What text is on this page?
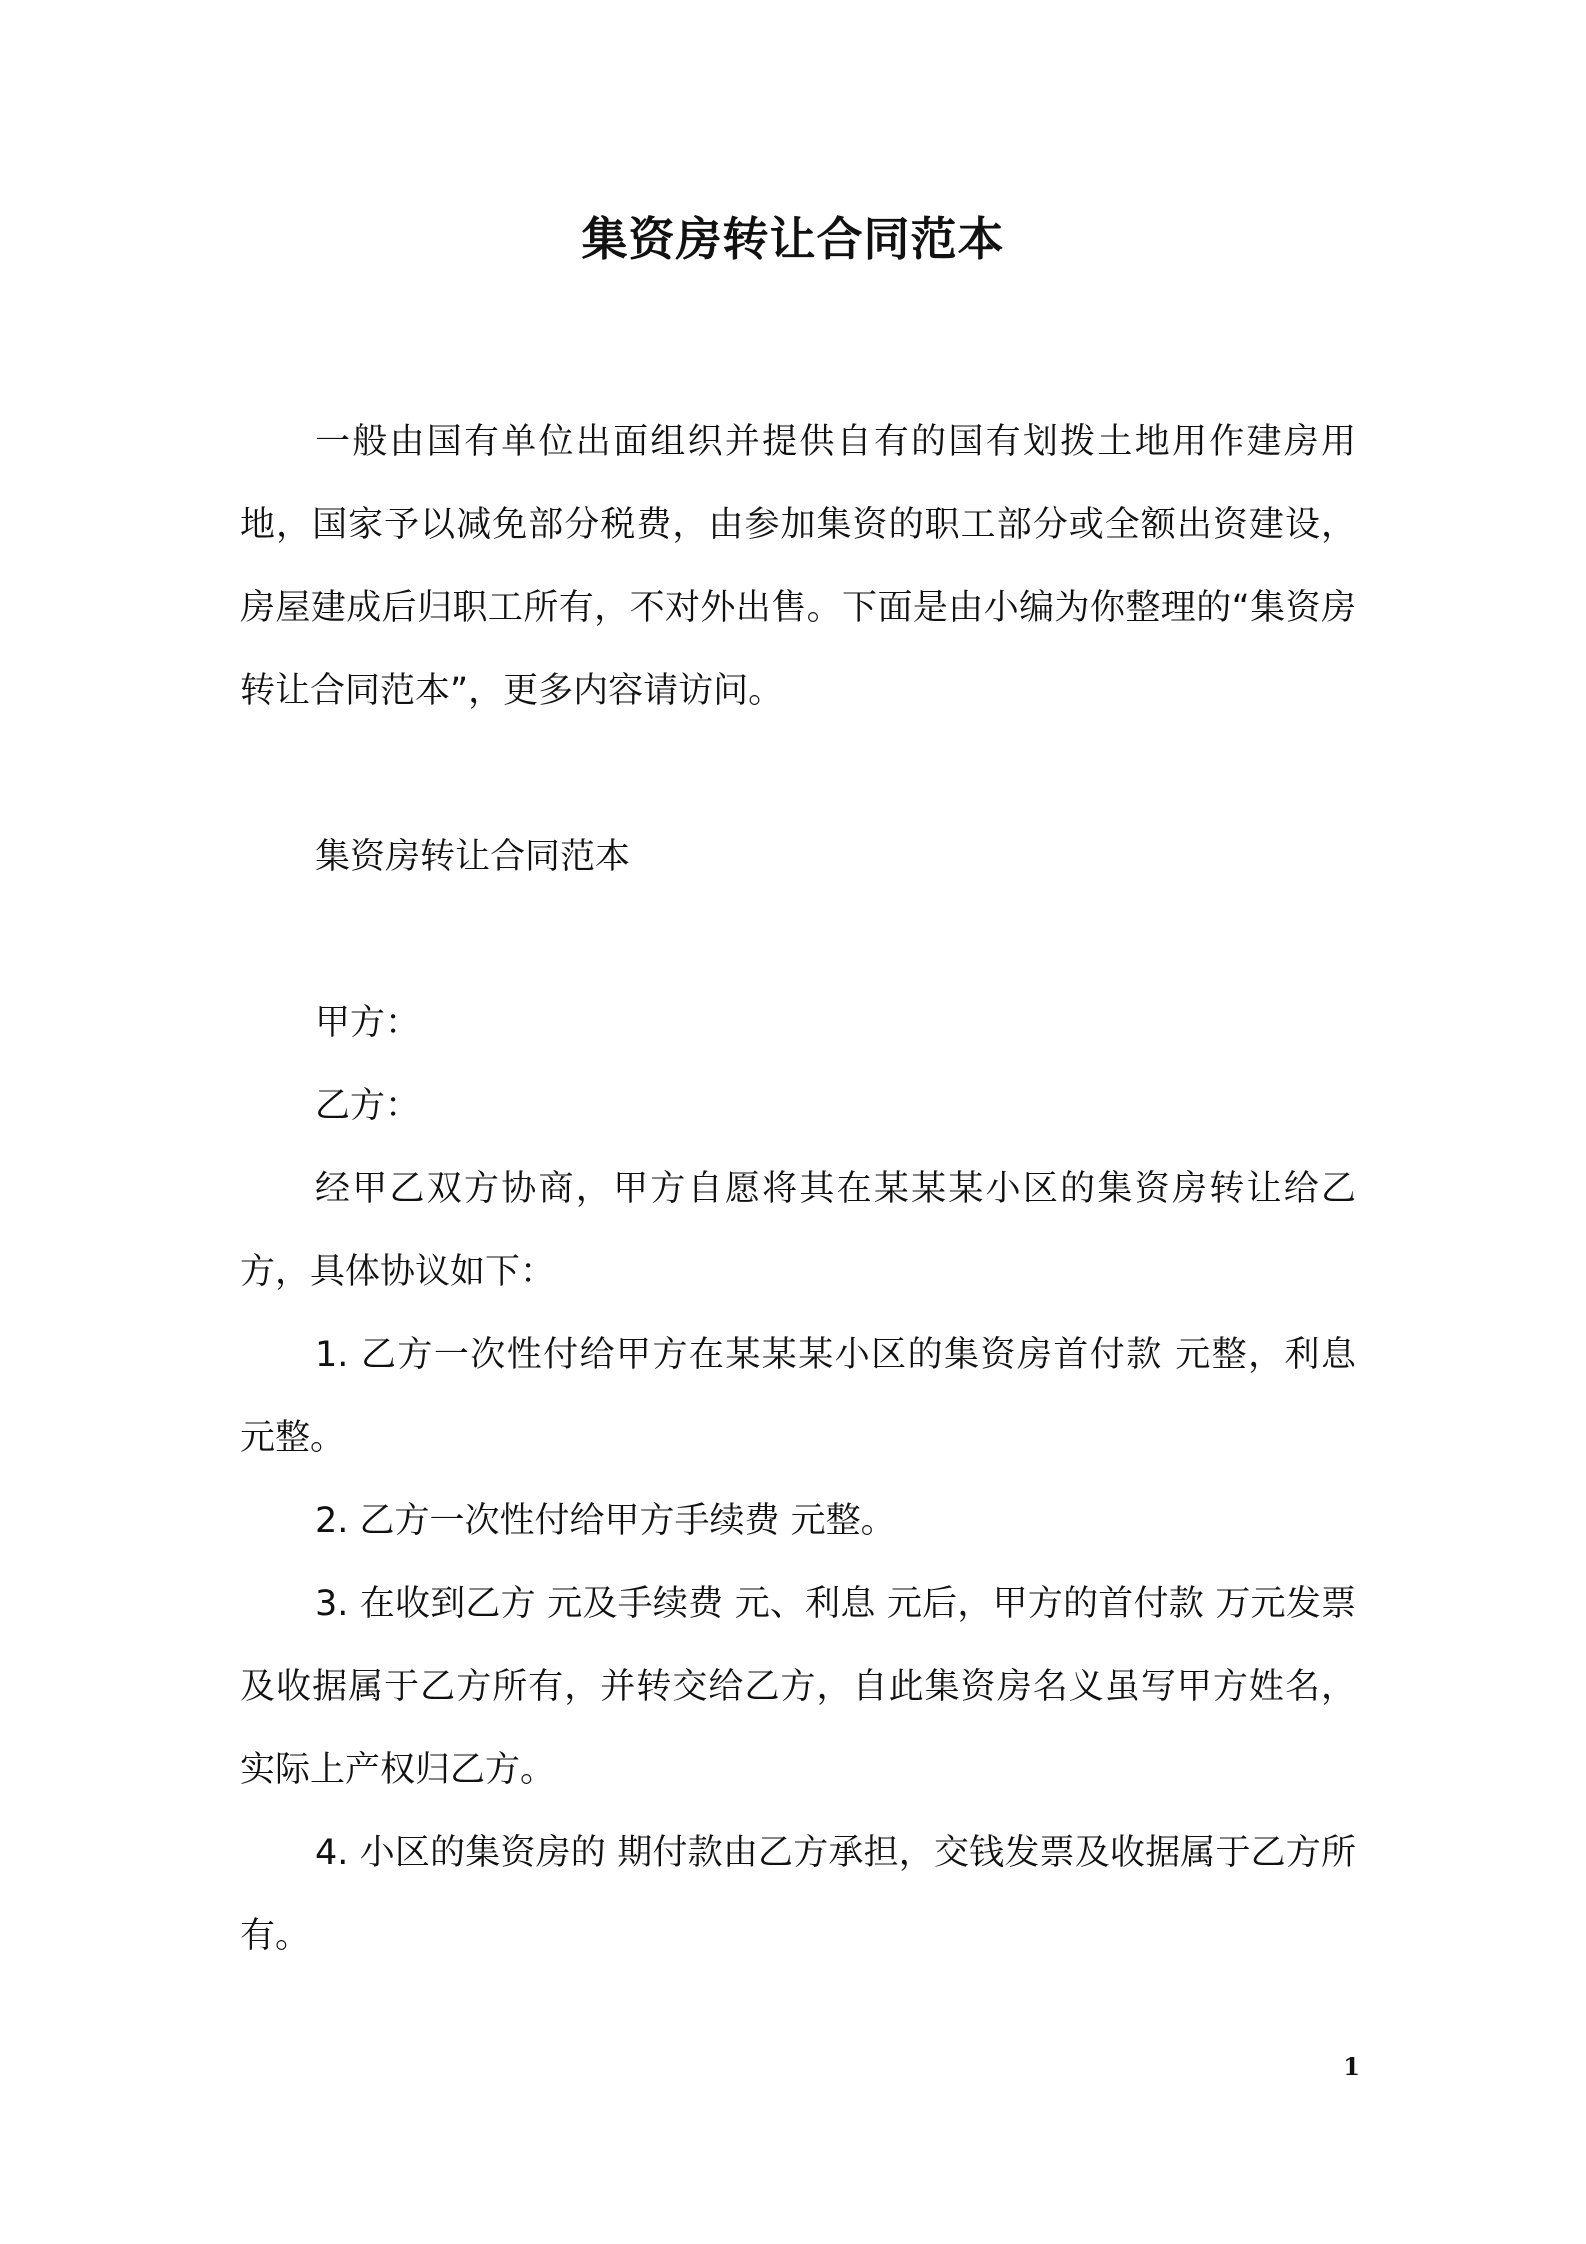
集资房转让合同范本

一般由国有单位出面组织并提供自有的国有划拨土地用作建房用地，国家予以减免部分税费，由参加集资的职工部分或全额出资建设，房屋建成后归职工所有，不对外出售。下面是由小编为你整理的“集资房转让合同范本”，更多内容请访问。

集资房转让合同范本

甲方：

乙方：

经甲乙双方协商，甲方自愿将其在某某某小区的集资房转让给乙方，具体协议如下：

1. 乙方一次性付给甲方在某某某小区的集资房首付款 元整，利息 元整。

2. 乙方一次性付给甲方手续费 元整。

3. 在收到乙方 元及手续费 元、利息 元后，甲方的首付款 万元发票及收据属于乙方所有，并转交给乙方，自此集资房名义虽写甲方姓名，实际上产权归乙方。

4. 小区的集资房的 期付款由乙方承担，交钱发票及收据属于乙方所有。

1
